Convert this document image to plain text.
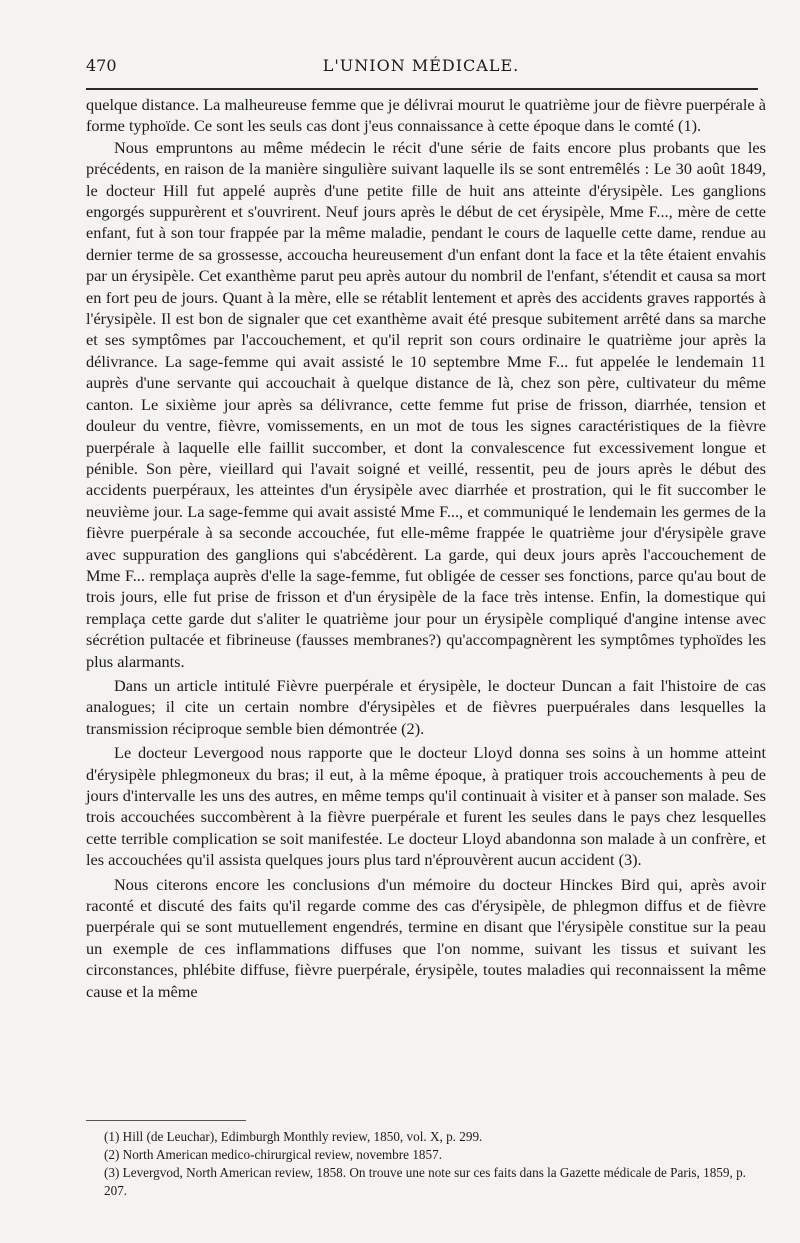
470	L'UNION MÉDICALE.

quelque distance. La malheureuse femme que je délivrai mourut le quatrième jour de fièvre puerpérale à forme typhoïde. Ce sont les seuls cas dont j'eus connaissance à cette époque dans le comté (1).

Nous empruntons au même médecin le récit d'une série de faits encore plus probants que les précédents, en raison de la manière singulière suivant laquelle ils se sont entremêlés : Le 30 août 1849, le docteur Hill fut appelé auprès d'une petite fille de huit ans atteinte d'érysipèle. Les ganglions engorgés suppurèrent et s'ouvrirent. Neuf jours après le début de cet érysipèle, Mme F..., mère de cette enfant, fut à son tour frappée par la même maladie, pendant le cours de laquelle cette dame, rendue au dernier terme de sa grossesse, accoucha heureusement d'un enfant dont la face et la tête étaient envahis par un érysipèle. Cet exanthème parut peu après autour du nombril de l'enfant, s'étendit et causa sa mort en fort peu de jours. Quant à la mère, elle se rétablit lentement et après des accidents graves rapportés à l'érysipèle. Il est bon de signaler que cet exanthème avait été presque subitement arrêté dans sa marche et ses symptômes par l'accouchement, et qu'il reprit son cours ordinaire le quatrième jour après la délivrance. La sage-femme qui avait assisté le 10 septembre Mme F... fut appelée le lendemain 11 auprès d'une servante qui accouchait à quelque distance de là, chez son père, cultivateur du même canton. Le sixième jour après sa délivrance, cette femme fut prise de frisson, diarrhée, tension et douleur du ventre, fièvre, vomissements, en un mot de tous les signes caractéristiques de la fièvre puerpérale à laquelle elle faillit succomber, et dont la convalescence fut excessivement longue et pénible. Son père, vieillard qui l'avait soigné et veillé, ressentit, peu de jours après le début des accidents puerpéraux, les atteintes d'un érysipèle avec diarrhée et prostration, qui le fit succomber le neuvième jour. La sage-femme qui avait assisté Mme F..., et communiqué le lendemain les germes de la fièvre puerpérale à sa seconde accouchée, fut elle-même frappée le quatrième jour d'érysipèle grave avec suppuration des ganglions qui s'abcédèrent. La garde, qui deux jours après l'accouchement de Mme F... remplaça auprès d'elle la sage-femme, fut obligée de cesser ses fonctions, parce qu'au bout de trois jours, elle fut prise de frisson et d'un érysipèle de la face très intense. Enfin, la domestique qui remplaça cette garde dut s'aliter le quatrième jour pour un érysipèle compliqué d'angine intense avec sécrétion pultacée et fibrineuse (fausses membranes?) qu'accompagnèrent les symptômes typhoïdes les plus alarmants.

Dans un article intitulé Fièvre puerpérale et érysipèle, le docteur Duncan a fait l'histoire de cas analogues; il cite un certain nombre d'érysipèles et de fièvres puerpuérales dans lesquelles la transmission réciproque semble bien démontrée (2).

Le docteur Levergood nous rapporte que le docteur Lloyd donna ses soins à un homme atteint d'érysipèle phlegmoneux du bras; il eut, à la même époque, à pratiquer trois accouchements à peu de jours d'intervalle les uns des autres, en même temps qu'il continuait à visiter et à panser son malade. Ses trois accouchées succombèrent à la fièvre puerpérale et furent les seules dans le pays chez lesquelles cette terrible complication se soit manifestée. Le docteur Lloyd abandonna son malade à un confrère, et les accouchées qu'il assista quelques jours plus tard n'éprouvèrent aucun accident (3).

Nous citerons encore les conclusions d'un mémoire du docteur Hinckes Bird qui, après avoir raconté et discuté des faits qu'il regarde comme des cas d'érysipèle, de phlegmon diffus et de fièvre puerpérale qui se sont mutuellement engendrés, termine en disant que l'érysipèle constitue sur la peau un exemple de ces inflammations diffuses que l'on nomme, suivant les tissus et suivant les circonstances, phlébite diffuse, fièvre puerpérale, érysipèle, toutes maladies qui reconnaissent la même cause et la même

(1) Hill (de Leuchar), Edimburgh Monthly review, 1850, vol. X, p. 299.
(2) North American medico-chirurgical review, novembre 1857.
(3) Levergvod, North American review, 1858. On trouve une note sur ces faits dans la Gazette médicale de Paris, 1859, p. 207.
